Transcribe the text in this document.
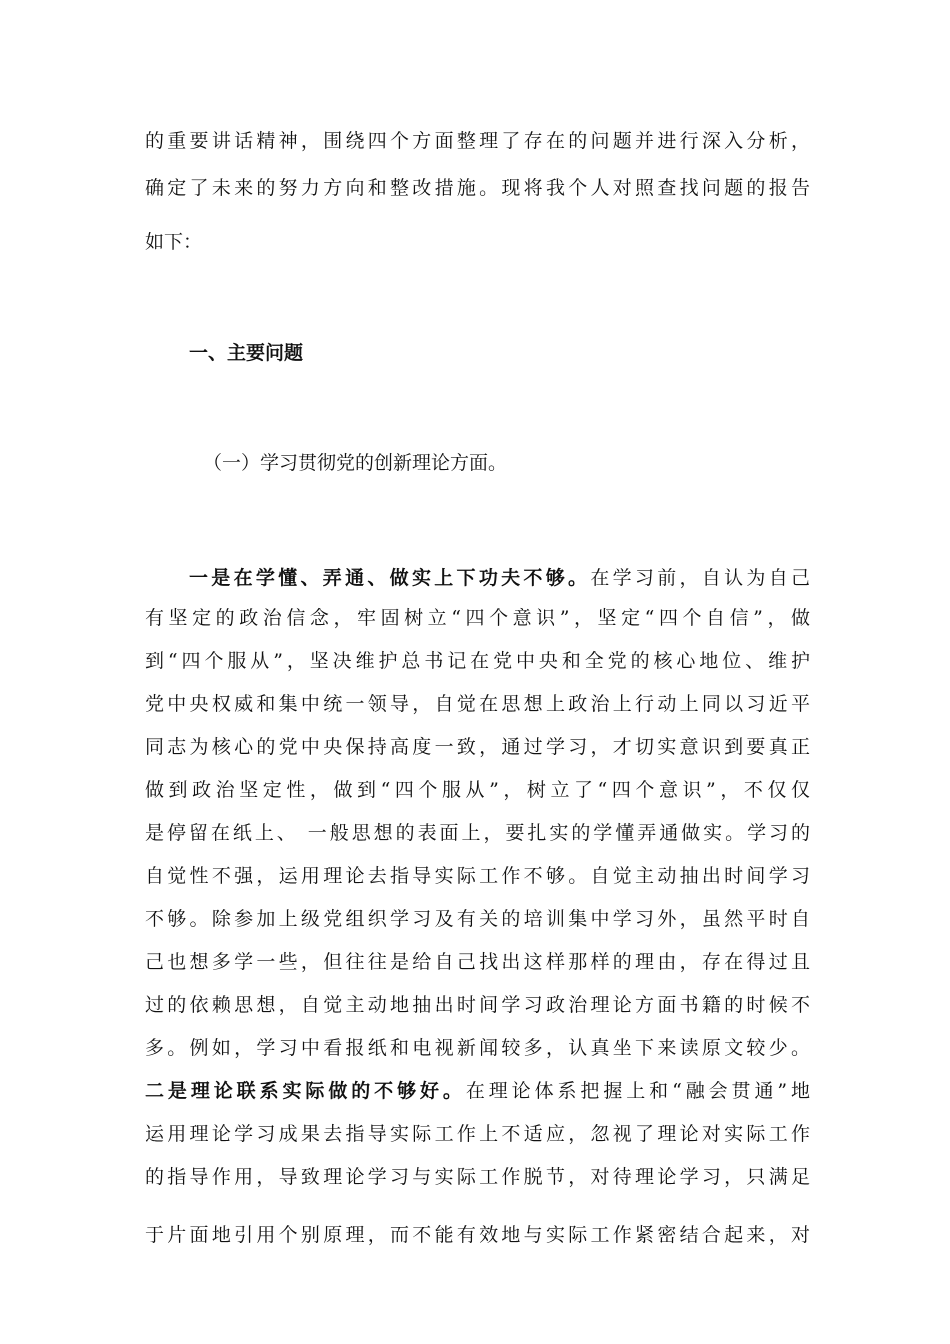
的重要讲话精神，围绕四个方面整理了存在的问题并进行深入分析，
确定了未来的努力方向和整改措施。现将我个人对照查找问题的报告
如下：
一、主要问题
（一）学习贯彻党的创新理论方面。
一是在学懂、弄通、做实上下功夫不够。在学习前，自认为自己
有坚定的政治信念，牢固树立“四个意识”，坚定“四个自信”，做
到“四个服从”，坚决维护总书记在党中央和全党的核心地位、维护
党中央权威和集中统一领导，自觉在思想上政治上行动上同以习近平
同志为核心的党中央保持高度一致，通过学习，才切实意识到要真正
做到政治坚定性，做到“四个服从”，树立了“四个意识”，不仅仅
是停留在纸上、 一般思想的表面上，要扎实的学懂弄通做实。学习的
自觉性不强，运用理论去指导实际工作不够。自觉主动抽出时间学习
不够。除参加上级党组织学习及有关的培训集中学习外，虽然平时自
己也想多学一些，但往往是给自己找出这样那样的理由，存在得过且
过的依赖思想，自觉主动地抽出时间学习政治理论方面书籍的时候不
多。例如，学习中看报纸和电视新闻较多，认真坐下来读原文较少。
二是理论联系实际做的不够好。在理论体系把握上和“融会贯通”地
运用理论学习成果去指导实际工作上不适应，忽视了理论对实际工作
的指导作用，导致理论学习与实际工作脱节，对待理论学习，只满足
于片面地引用个别原理，而不能有效地与实际工作紧密结合起来，对
